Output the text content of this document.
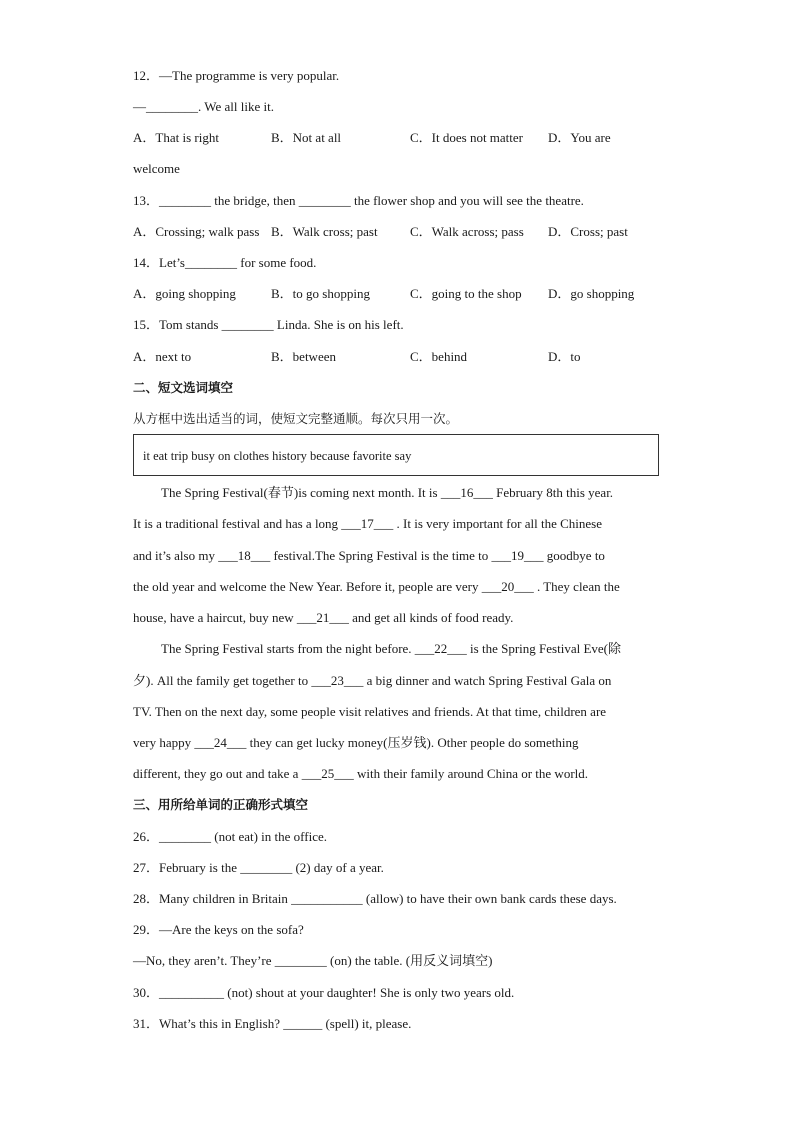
12．—The programme is very popular.
—________. We all like it.
A．That is right	B．Not at all	C．It does not matter D．You are
welcome
13．________ the bridge, then ________ the flower shop and you will see the theatre.
A．Crossing; walk pass B．Walk cross; past C．Walk across; pass D．Cross; past
14．Let’s________ for some food.
A．going shopping	B．to go shopping	C．going to the shop D．go shopping
15．Tom stands ________ Linda. She is on his left.
A．next to	B．between	C．behind	D．to
二、短文选词填空
从方框中选出适当的词，使短文完整通顺。每次只用一次。
it eat trip busy on clothes history because favorite say
The Spring Festival(春节)is coming next month. It is ___16___ February 8th this year.
It is a traditional festival and has a long ___17___ . It is very important for all the Chinese
and it’s also my ___18___ festival.The Spring Festival is the time to ___19___ goodbye to
the old year and welcome the New Year. Before it, people are very ___20___ . They clean the
house, have a haircut, buy new ___21___ and get all kinds of food ready.
The Spring Festival starts from the night before. ___22___ is the Spring Festival Eve(除
夕). All the family get together to ___23___ a big dinner and watch Spring Festival Gala on
TV. Then on the next day, some people visit relatives and friends. At that time, children are
very happy ___24___ they can get lucky money(压岁钱). Other people do something
different, they go out and take a ___25___ with their family around China or the world.
三、用所给单词的正确形式填空
26．________ (not eat) in the office.
27．February is the ________ (2) day of a year.
28．Many children in Britain ___________ (allow) to have their own bank cards these days.
29．—Are the keys on the sofa?
—No, they aren’t. They’re ________ (on) the table. (用反义词填空)
30．__________ (not) shout at your daughter! She is only two years old.
31．What’s this in English? ______ (spell) it, please.
